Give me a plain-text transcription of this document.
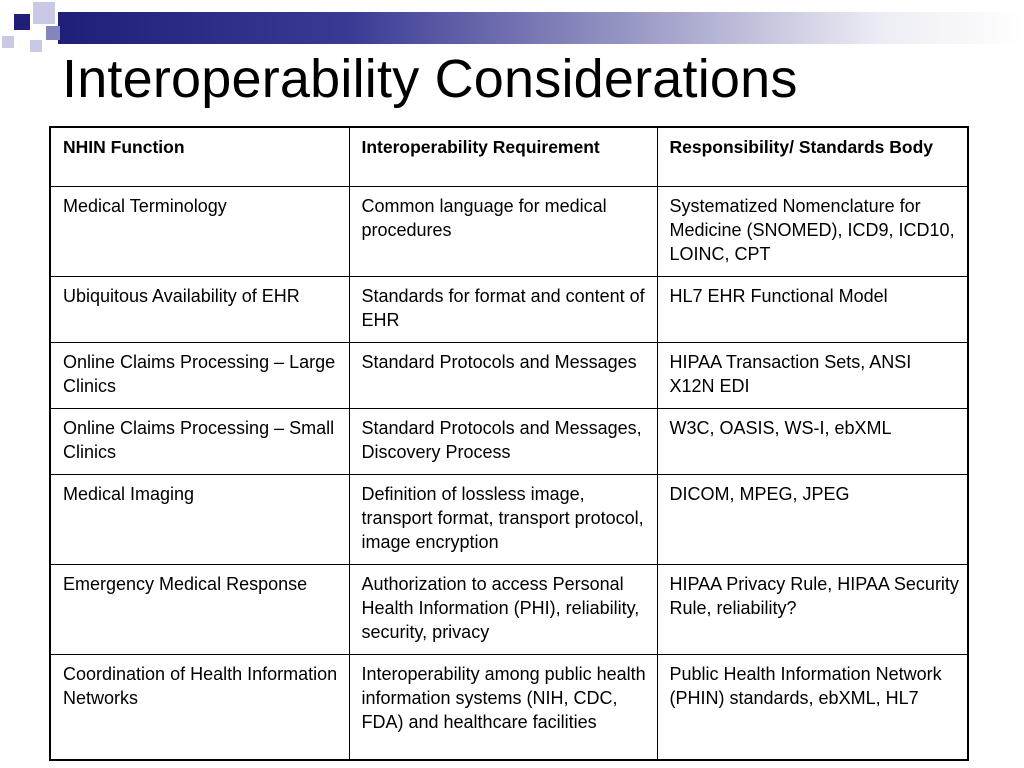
Interoperability Considerations
NHIN Function	Interoperability Requirement	Responsibility/ Standards Body
Medical Terminology	Common language for medical procedures	Systematized Nomenclature for Medicine (SNOMED), ICD9, ICD10, LOINC, CPT
Ubiquitous Availability of EHR	Standards for format and content of EHR	HL7 EHR Functional Model
Online Claims Processing – Large Clinics	Standard Protocols and Messages	HIPAA Transaction Sets, ANSI X12N EDI
Online Claims Processing – Small Clinics	Standard Protocols and Messages, Discovery Process	W3C, OASIS, WS-I, ebXML
Medical Imaging	Definition of lossless image, transport format, transport protocol, image encryption	DICOM, MPEG, JPEG
Emergency Medical Response	Authorization to access Personal Health Information (PHI), reliability, security, privacy	HIPAA Privacy Rule, HIPAA Security Rule, reliability?
Coordination of Health Information Networks	Interoperability among public health information systems (NIH, CDC, FDA) and healthcare facilities	Public Health Information Network (PHIN) standards, ebXML, HL7
